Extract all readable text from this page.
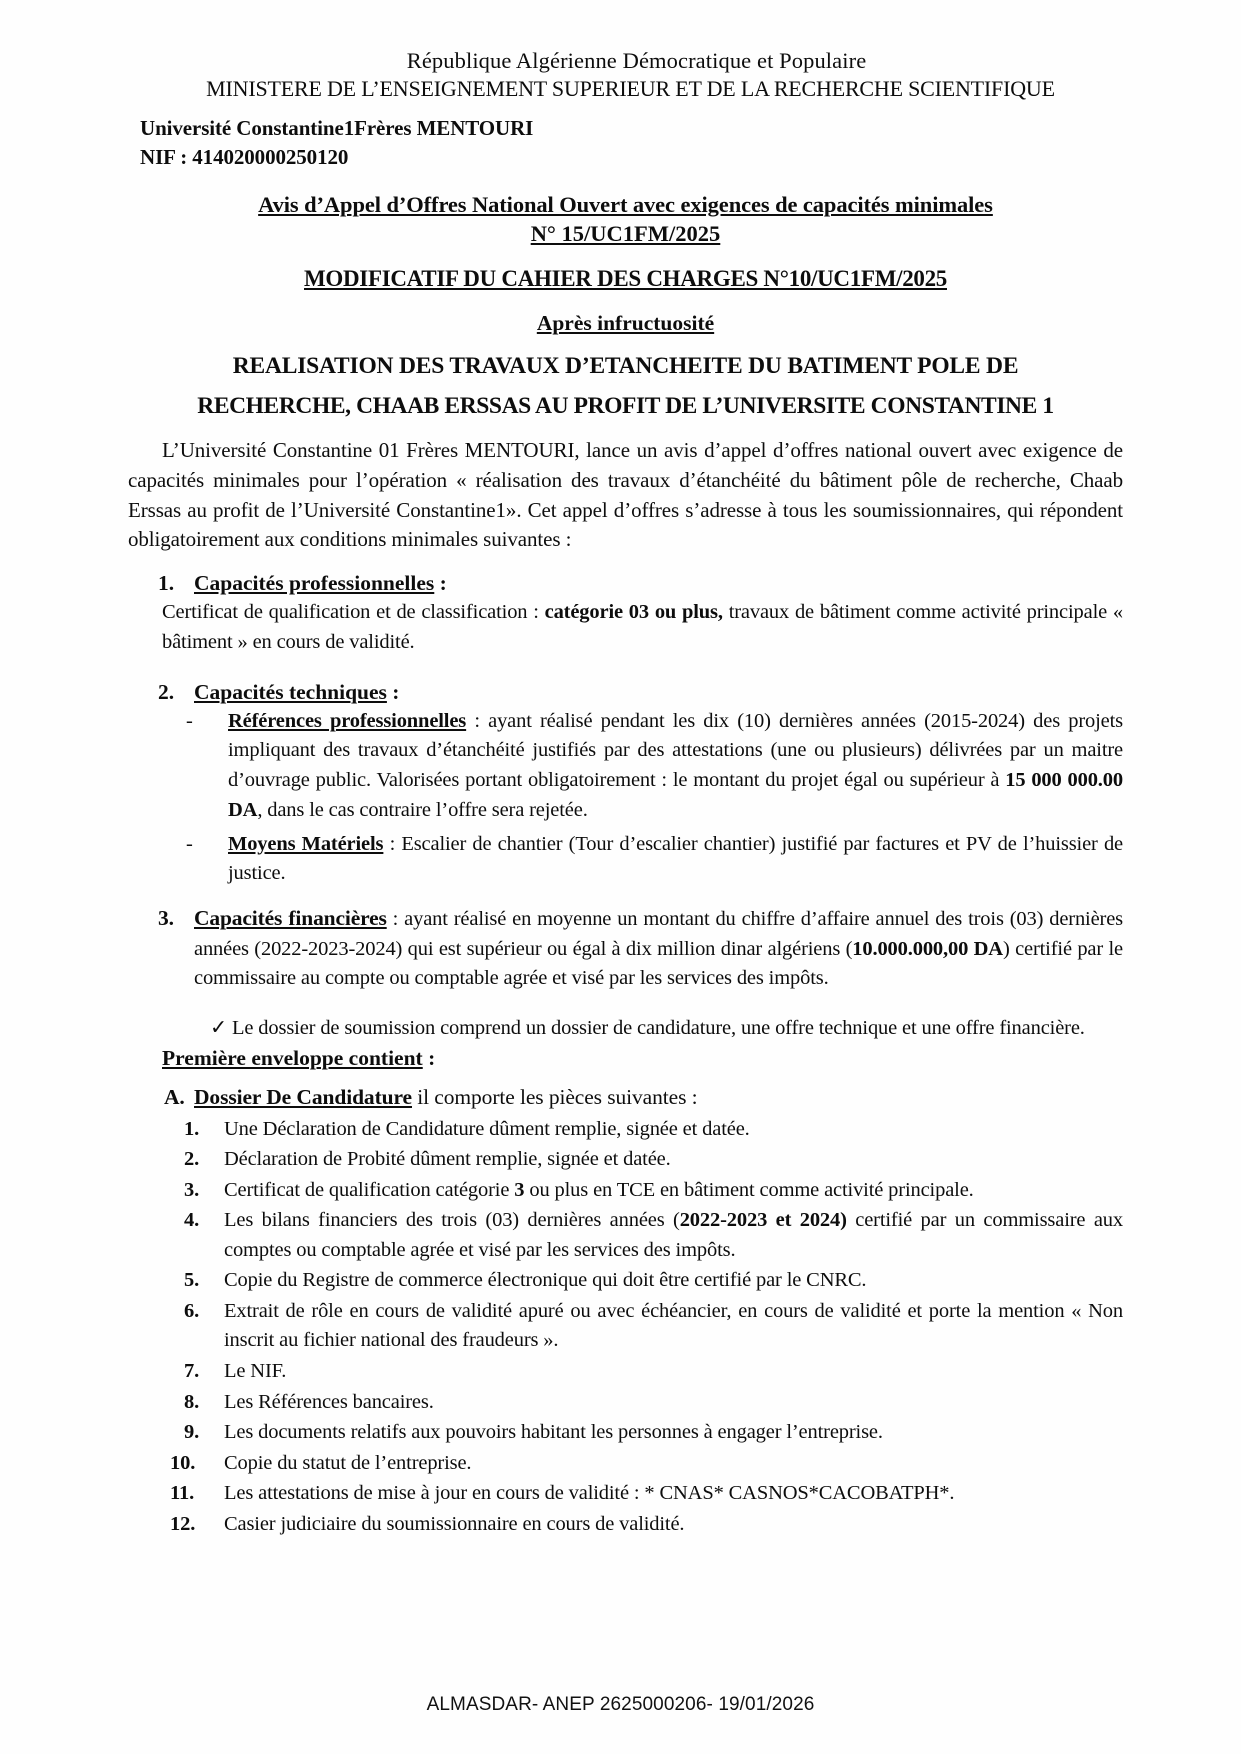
République Algérienne Démocratique et Populaire
MINISTERE DE L’ENSEIGNEMENT SUPERIEUR ET DE LA RECHERCHE SCIENTIFIQUE
Université Constantine1Frères MENTOURI
NIF : 414020000250120
Avis d’Appel d’Offres National Ouvert avec exigences de capacités minimales
N° 15/UC1FM/2025
MODIFICATIF DU CAHIER DES CHARGES N°10/UC1FM/2025
Après infructuosité
REALISATION DES TRAVAUX D’ETANCHEITE DU BATIMENT POLE DE
RECHERCHE, CHAAB ERSSAS AU PROFIT DE L’UNIVERSITE CONSTANTINE 1

L’Université Constantine 01 Frères MENTOURI, lance un avis d’appel d’offres national ouvert avec exigence de capacités minimales pour l’opération « réalisation des travaux d’étanchéité du bâtiment pôle de recherche, Chaab Erssas au profit de l’Université Constantine1». Cet appel d’offres s’adresse à tous les soumissionnaires, qui répondent obligatoirement aux conditions minimales suivantes :

1. Capacités professionnelles :

Certificat de qualification et de classification : catégorie 03 ou plus, travaux de bâtiment comme activité principale « bâtiment » en cours de validité.

2. Capacités techniques :

- Références professionnelles : ayant réalisé pendant les dix (10) dernières années (2015-2024) des projets impliquant des travaux d’étanchéité justifiés par des attestations (une ou plusieurs) délivrées par un maitre d’ouvrage public. Valorisées portant obligatoirement : le montant du projet égal ou supérieur à 15 000 000.00 DA, dans le cas contraire l’offre sera rejetée.

- Moyens Matériels : Escalier de chantier (Tour d’escalier chantier) justifié par factures et PV de l’huissier de justice.

3. Capacités financières : ayant réalisé en moyenne un montant du chiffre d’affaire annuel des trois (03) dernières années (2022-2023-2024) qui est supérieur ou égal à dix million dinar algériens (10.000.000,00 DA) certifié par le commissaire au compte ou comptable agrée et visé par les services des impôts.

✓ Le dossier de soumission comprend un dossier de candidature, une offre technique et une offre financière.

Première enveloppe contient :

A. Dossier De Candidature il comporte les pièces suivantes :

1.	Une Déclaration de Candidature dûment remplie, signée et datée.
2.	Déclaration de Probité dûment remplie, signée et datée.
3.	Certificat de qualification catégorie 3 ou plus en TCE en bâtiment comme activité principale.
4.	Les bilans financiers des trois (03) dernières années (2022-2023 et 2024) certifié par un commissaire aux comptes ou comptable agrée et visé par les services des impôts.
5.	Copie du Registre de commerce électronique qui doit être certifié par le CNRC.
6.	Extrait de rôle en cours de validité apuré ou avec échéancier, en cours de validité et porte la mention « Non inscrit au fichier national des fraudeurs ».
7.	Le NIF.
8.	Les Références bancaires.
9.	Les documents relatifs aux pouvoirs habitant les personnes à engager l’entreprise.
10.	Copie du statut de l’entreprise.
11.	Les attestations de mise à jour en cours de validité : * CNAS* CASNOS*CACOBATPH*.
12.	Casier judiciaire du soumissionnaire en cours de validité.
ALMASDAR- ANEP 2625000206- 19/01/2026
